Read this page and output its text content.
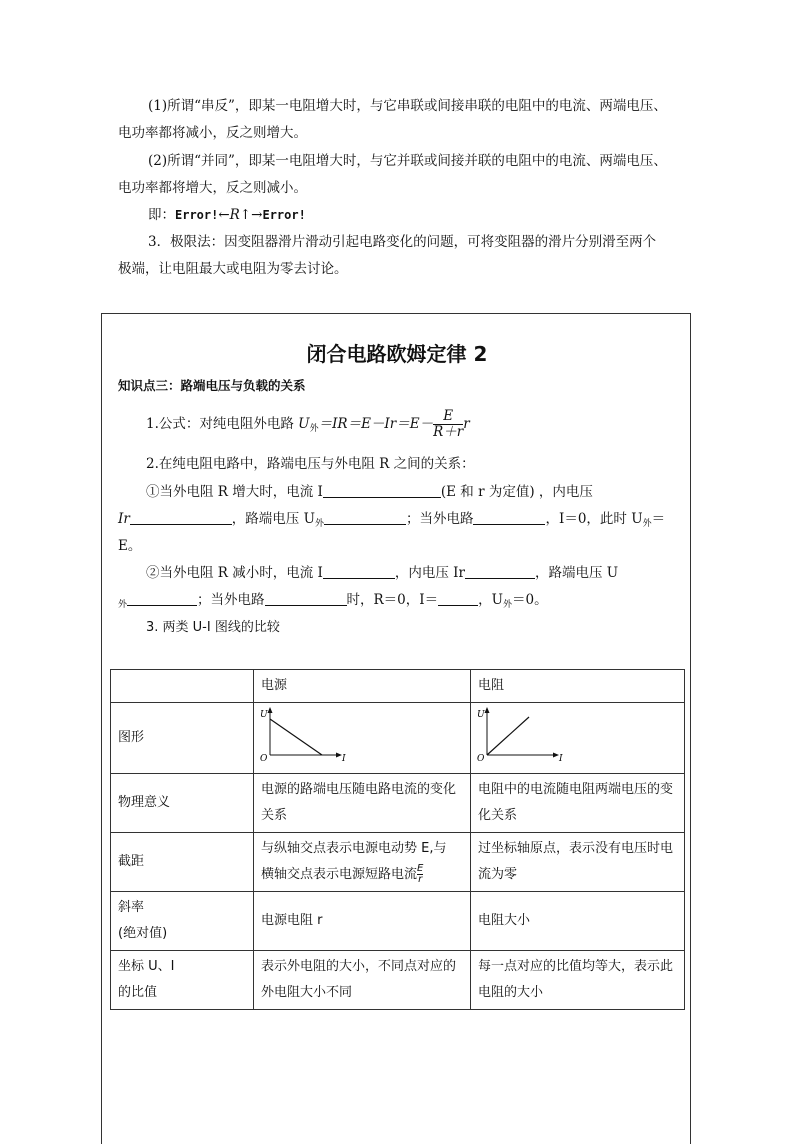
(1)所谓“串反”，即某一电阻增大时，与它串联或间接串联的电阻中的电流、两端电压、
电功率都将减小，反之则增大。
(2)所谓“并同”，即某一电阻增大时，与它并联或间接并联的电阻中的电流、两端电压、
电功率都将增大，反之则减小。
即：Error!←R↑→Error!
3．极限法：因变阻器滑片滑动引起电路变化的问题，可将变阻器的滑片分别滑至两个
极端，让电阻最大或电阻为零去讨论。
闭合电路欧姆定律 2
知识点三：路端电压与负载的关系
1.公式：对纯电阻外电路 $U_外=IR=E-Ir=E- \frac{E}{R+r}$ r
2.在纯电阻电路中，路端电压与外电阻 R 之间的关系：
①当外电阻 R 增大时，电流 I	(E 和 r 为定值) ，内电压
Ir	，路端电压 $U_外$	；当外电路	，I＝0，此时 $U_外=$
E。
②当外电阻 R 减小时，电流 I	，内电压 Ir	，路端电压 U
$_外$	；当外电路	时，R＝0，I＝	，$U_外=0$。
3. 两类 U-I 图线的比较
	电源	电阻
图形	U
O I	U
O I

物理意义	电源的路端电压随电路电流的变化关系	电阻中的电流随电阻两端电压的变化关系
截距	与纵轴交点表示电源电动势 E,与
横轴交点表示电源短路电流 $\frac{E}{r}$	过坐标轴原点，表示没有电压时电流为零
斜率
(绝对值)	电源电阻 r	电阻大小
坐标 U、I
的比值	表示外电阻的大小，不同点对应的外电阻大小不同	每一点对应的比值均等大，表示此电阻的大小
